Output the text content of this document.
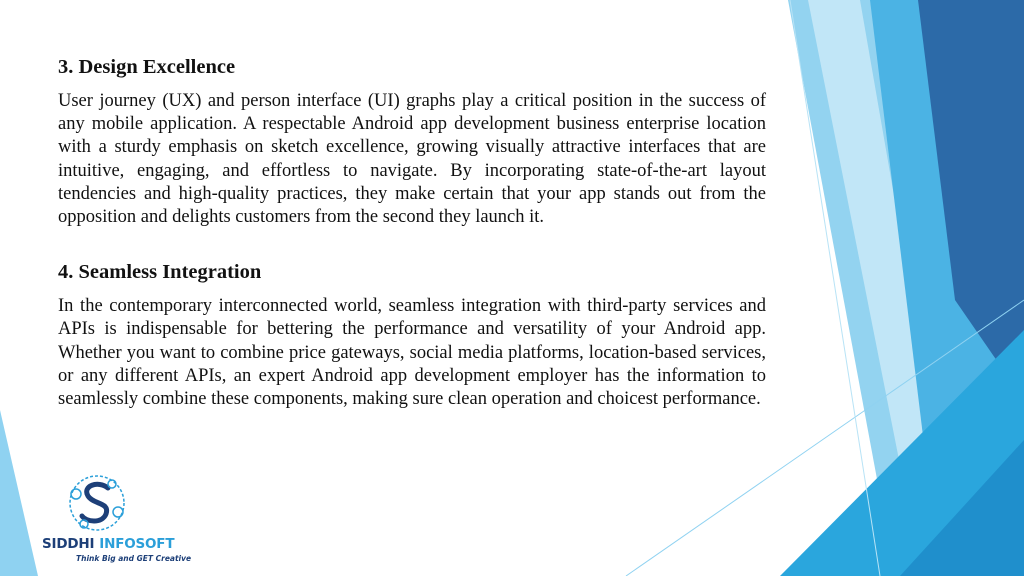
3. Design Excellence

User journey (UX) and person interface (UI) graphs play a critical position in the success of any mobile application. A respectable Android app development business enterprise location with a sturdy emphasis on sketch excellence, growing visually attractive interfaces that are intuitive, engaging, and effortless to navigate. By incorporating state-of-the-art layout tendencies and high-quality practices, they make certain that your app stands out from the opposition and delights customers from the second they launch it.

4. Seamless Integration

In the contemporary interconnected world, seamless integration with third-party services and APIs is indispensable for bettering the performance and versatility of your Android app. Whether you want to combine price gateways, social media platforms, location-based services, or any different APIs, an expert Android app development employer has the information to seamlessly combine these components, making sure clean operation and choicest performance.

SIDDHI INFOSOFT
Think Big and GET Creative
